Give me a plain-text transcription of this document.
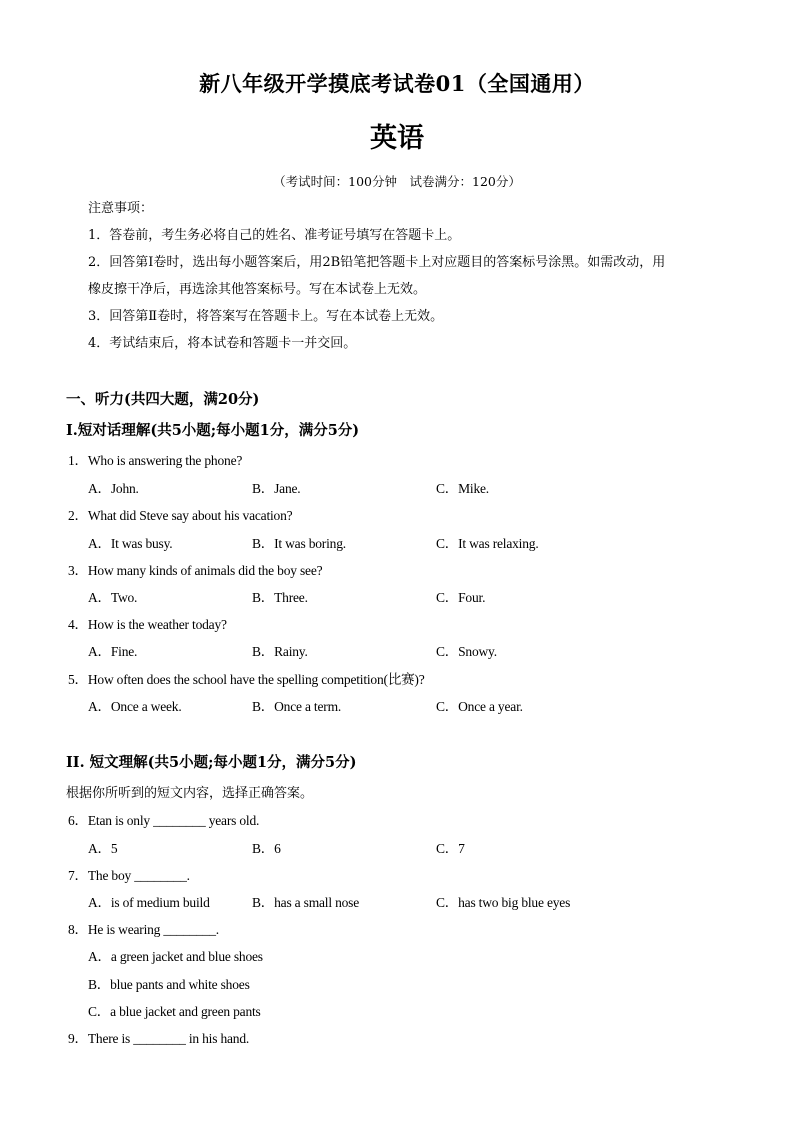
新八年级开学摸底考试卷01（全国通用）
英语
（考试时间：100分钟　试卷满分：120分）
注意事项：
1．答卷前，考生务必将自己的姓名、准考证号填写在答题卡上。
2．回答第Ⅰ卷时，选出每小题答案后，用2B铅笔把答题卡上对应题目的答案标号涂黑。如需改动，用
橡皮擦干净后，再选涂其他答案标号。写在本试卷上无效。
3．回答第Ⅱ卷时，将答案写在答题卡上。写在本试卷上无效。
4．考试结束后，将本试卷和答题卡一并交回。
一、听力(共四大题，满20分)
Ⅰ.短对话理解(共5小题;每小题1分，满分5分)
1．Who is answering the phone?
A．John.	B．Jane.	C．Mike.
2．What did Steve say about his vacation?
A．It was busy.	B．It was boring.	C．It was relaxing.
3．How many kinds of animals did the boy see?
A．Two.	B．Three.	C．Four.
4．How is the weather today?
A．Fine.	B．Rainy.	C．Snowy.
5．How often does the school have the spelling competition(比赛)?
A．Once a week.	B．Once a term.	C．Once a year.
II. 短文理解(共5小题;每小题1分，满分5分)
根据你所听到的短文内容，选择正确答案。
6．Etan is only ________ years old.
A．5	B．6	C．7
7．The boy ________.
A．is of medium build	B．has a small nose	C．has two big blue eyes
8．He is wearing ________.
A．a green jacket and blue shoes
B．blue pants and white shoes
C．a blue jacket and green pants
9．There is ________ in his hand.
